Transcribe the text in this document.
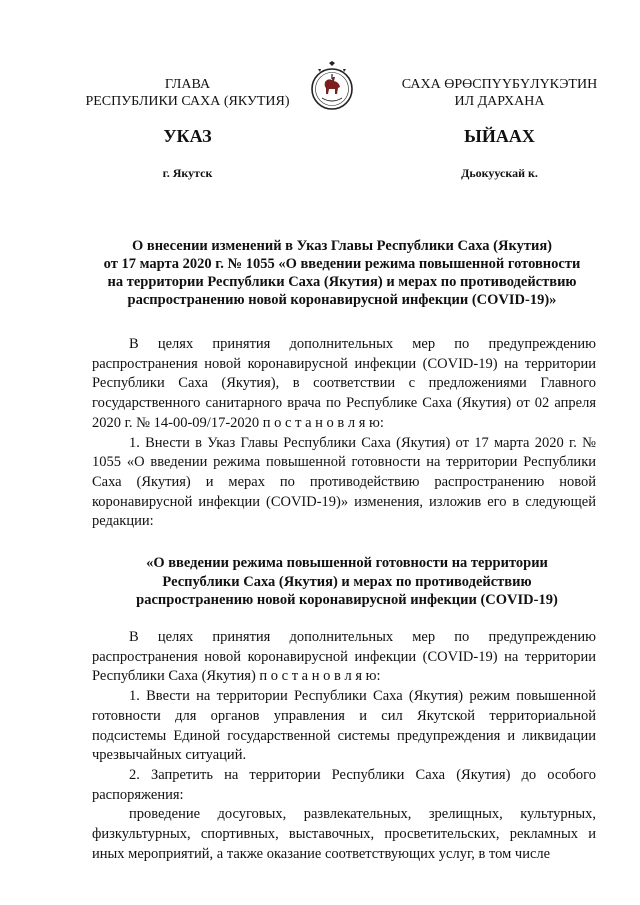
ГЛАВА
РЕСПУБЛИКИ САХА (ЯКУТИЯ)
САХА ӨРӨСПҮҮБҮЛҮКЭТИН
ИЛ ДАРХАНА
УКАЗ	ЫЙААХ
г. Якутск	Дьокуускай к.
О внесении изменений в Указ Главы Республики Саха (Якутия)
от 17 марта 2020 г. № 1055 «О введении режима повышенной готовности
на территории Республики Саха (Якутия) и мерах по противодействию
распространению новой коронавирусной инфекции (COVID-19)»

В целях принятия дополнительных мер по предупреждению распространения новой коронавирусной инфекции (COVID-19) на территории Республики Саха (Якутия), в соответствии с предложениями Главного государственного санитарного врача по Республике Саха (Якутия) от 02 апреля 2020 г. № 14-00-09/17-2020 п о с т а н о в л я ю:

1. Внести в Указ Главы Республики Саха (Якутия) от 17 марта 2020 г. № 1055 «О введении режима повышенной готовности на территории Республики Саха (Якутия) и мерах по противодействию распространению новой коронавирусной инфекции (COVID-19)» изменения, изложив его в следующей редакции:

«О введении режима повышенной готовности на территории
Республики Саха (Якутия) и мерах по противодействию
распространению новой коронавирусной инфекции (COVID-19)

В целях принятия дополнительных мер по предупреждению распространения новой коронавирусной инфекции (COVID-19) на территории Республики Саха (Якутия) п о с т а н о в л я ю:

1. Ввести на территории Республики Саха (Якутия) режим повышенной готовности для органов управления и сил Якутской территориальной подсистемы Единой государственной системы предупреждения и ликвидации чрезвычайных ситуаций.

2. Запретить на территории Республики Саха (Якутия) до особого распоряжения:

проведение досуговых, развлекательных, зрелищных, культурных, физкультурных, спортивных, выставочных, просветительских, рекламных и иных мероприятий, а также оказание соответствующих услуг, в том числе
